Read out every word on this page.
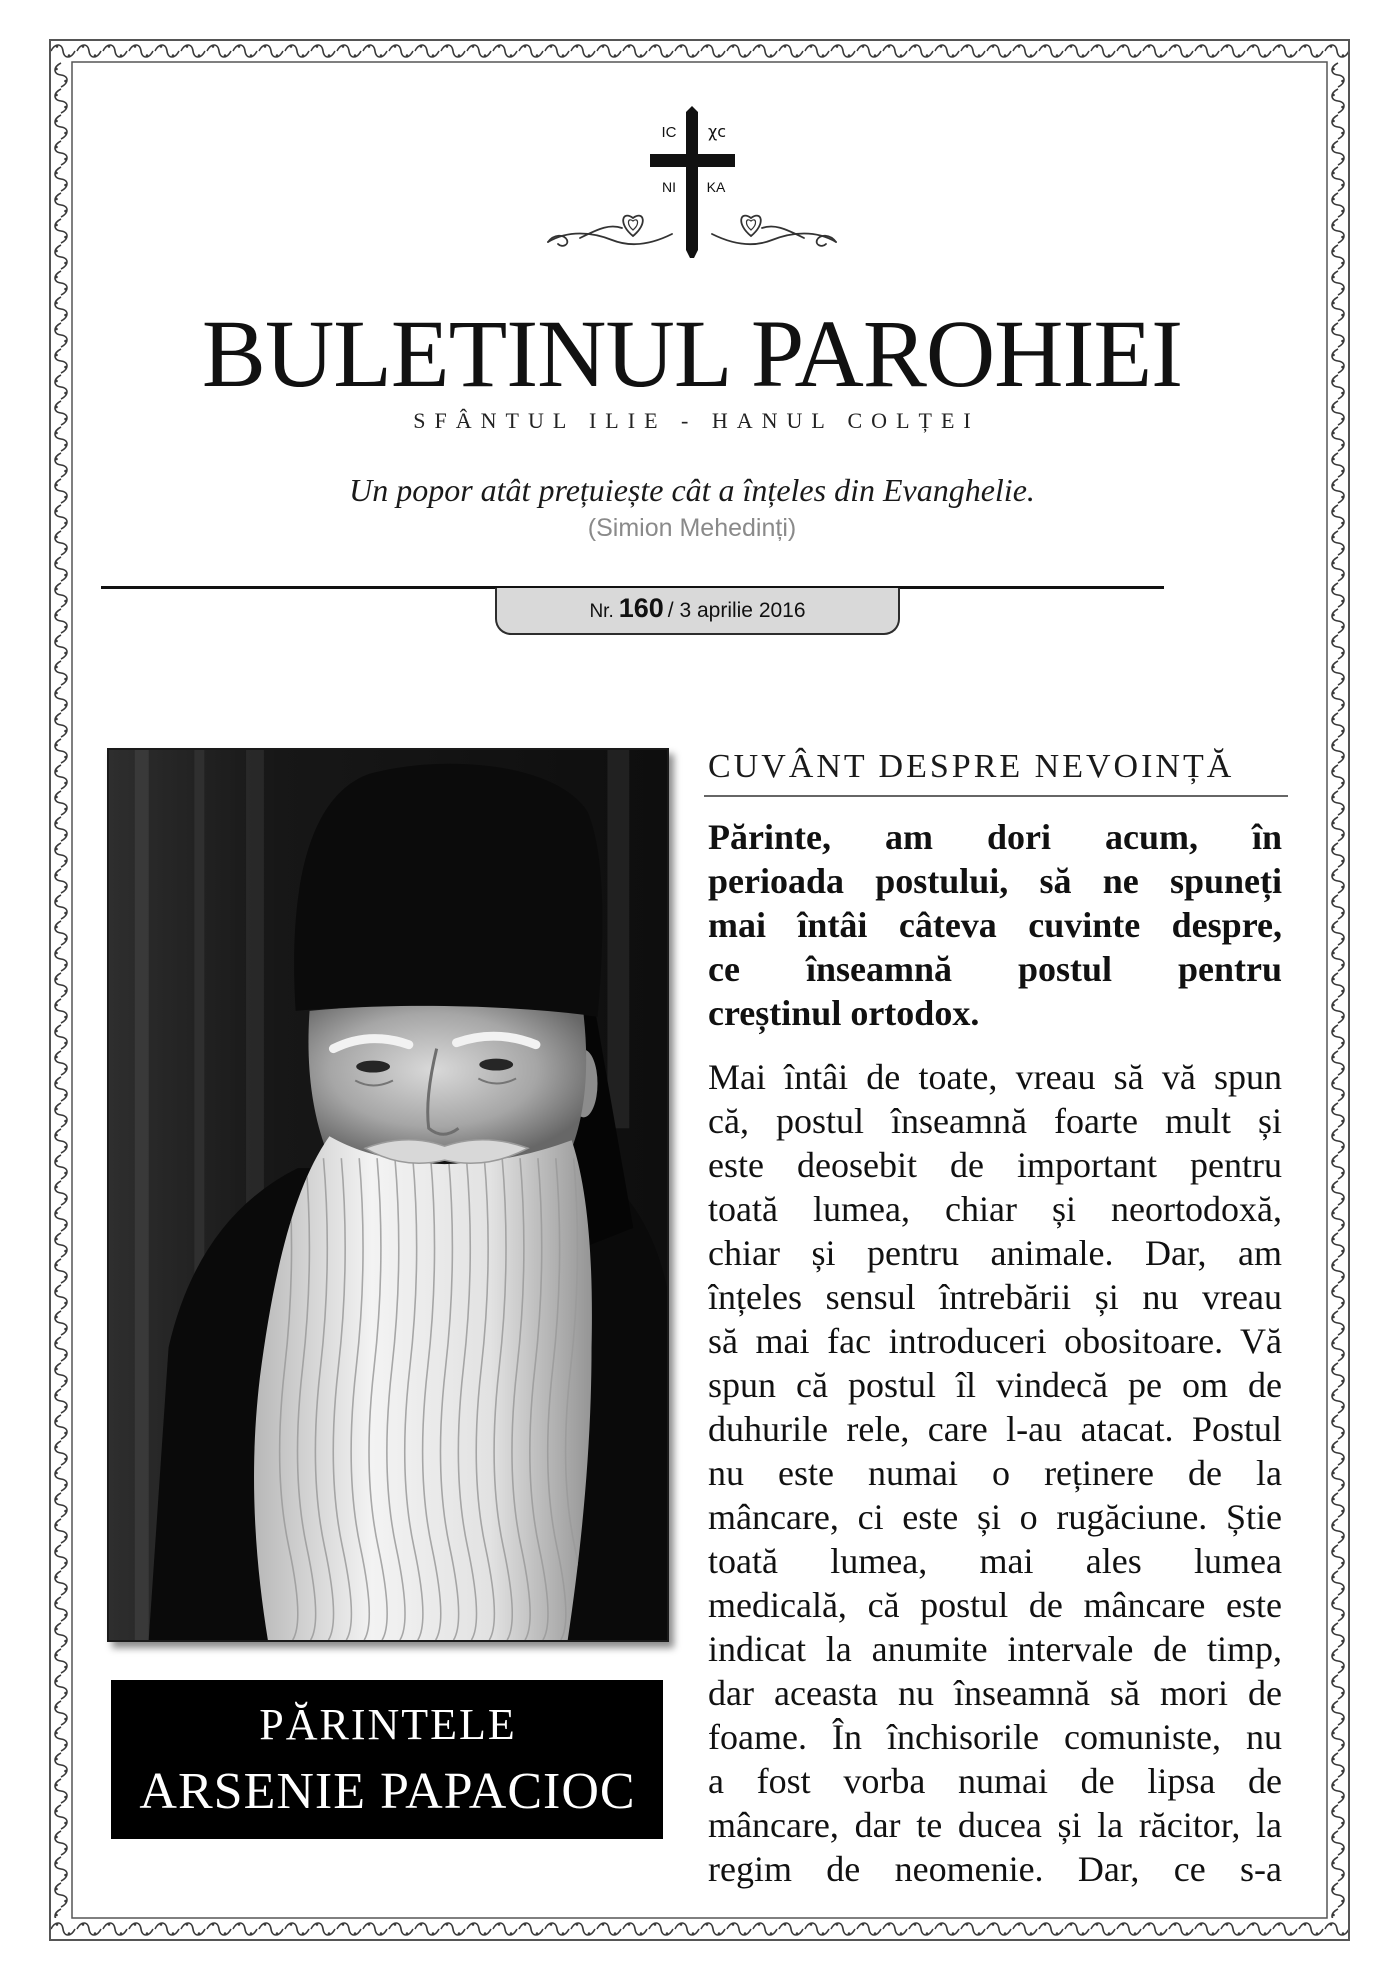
IC χc
NI KA
BULETINUL PAROHIEI
SFÂNTUL ILIE - HANUL COLȚEI
Un popor atât prețuiește cât a înțeles din Evanghelie.
(Simion Mehedinți)
Nr. 160 / 3 aprilie 2016
PĂRINTELE
ARSENIE PAPACIOC
CUVÂNT DESPRE NEVOINȚĂ
Părinte, am dori acum, în
perioada postului, să ne spuneți
mai întâi câteva cuvinte despre,
ce înseamnă postul pentru
creștinul ortodox.
Mai întâi de toate, vreau să vă spun
că, postul înseamnă foarte mult și
este deosebit de important pentru
toată lumea, chiar și neortodoxă,
chiar și pentru animale. Dar, am
înțeles sensul întrebării și nu vreau
să mai fac introduceri obositoare. Vă
spun că postul îl vindecă pe om de
duhurile rele, care l-au atacat. Postul
nu este numai o reținere de la
mâncare, ci este și o rugăciune. Știe
toată lumea, mai ales lumea
medicală, că postul de mâncare este
indicat la anumite intervale de timp,
dar aceasta nu înseamnă să mori de
foame. În închisorile comuniste, nu
a fost vorba numai de lipsa de
mâncare, dar te ducea și la răcitor, la
regim de neomenie. Dar, ce s-a
